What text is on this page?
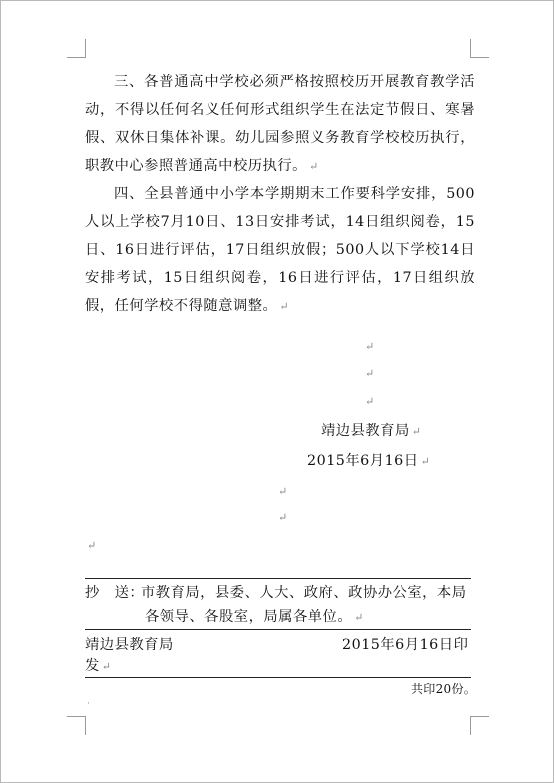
三、各普通高中学校必须严格按照校历开展教育教学活动，不得以任何名义任何形式组织学生在法定节假日、寒暑假、双休日集体补课。幼儿园参照义务教育学校校历执行，职教中心参照普通高中校历执行。 ↵

四、全县普通中小学本学期期末工作要科学安排，500人以上学校7月10日、13日安排考试，14日组织阅卷，15日、16日进行评估，17日组织放假；500人以下学校14日安排考试，15日组织阅卷，16日进行评估，17日组织放假，任何学校不得随意调整。 ↵

↵
↵
↵
靖边县教育局 ↵
2015年6月16日 ↵
↵
↵
↵
抄　送：
市教育局，县委、人大、政府、政协办公室，本局
各领导、各股室，局属各单位。 ↵
靖边县教育局	2015年6月16日印
发 ↵
共印20份。
·
